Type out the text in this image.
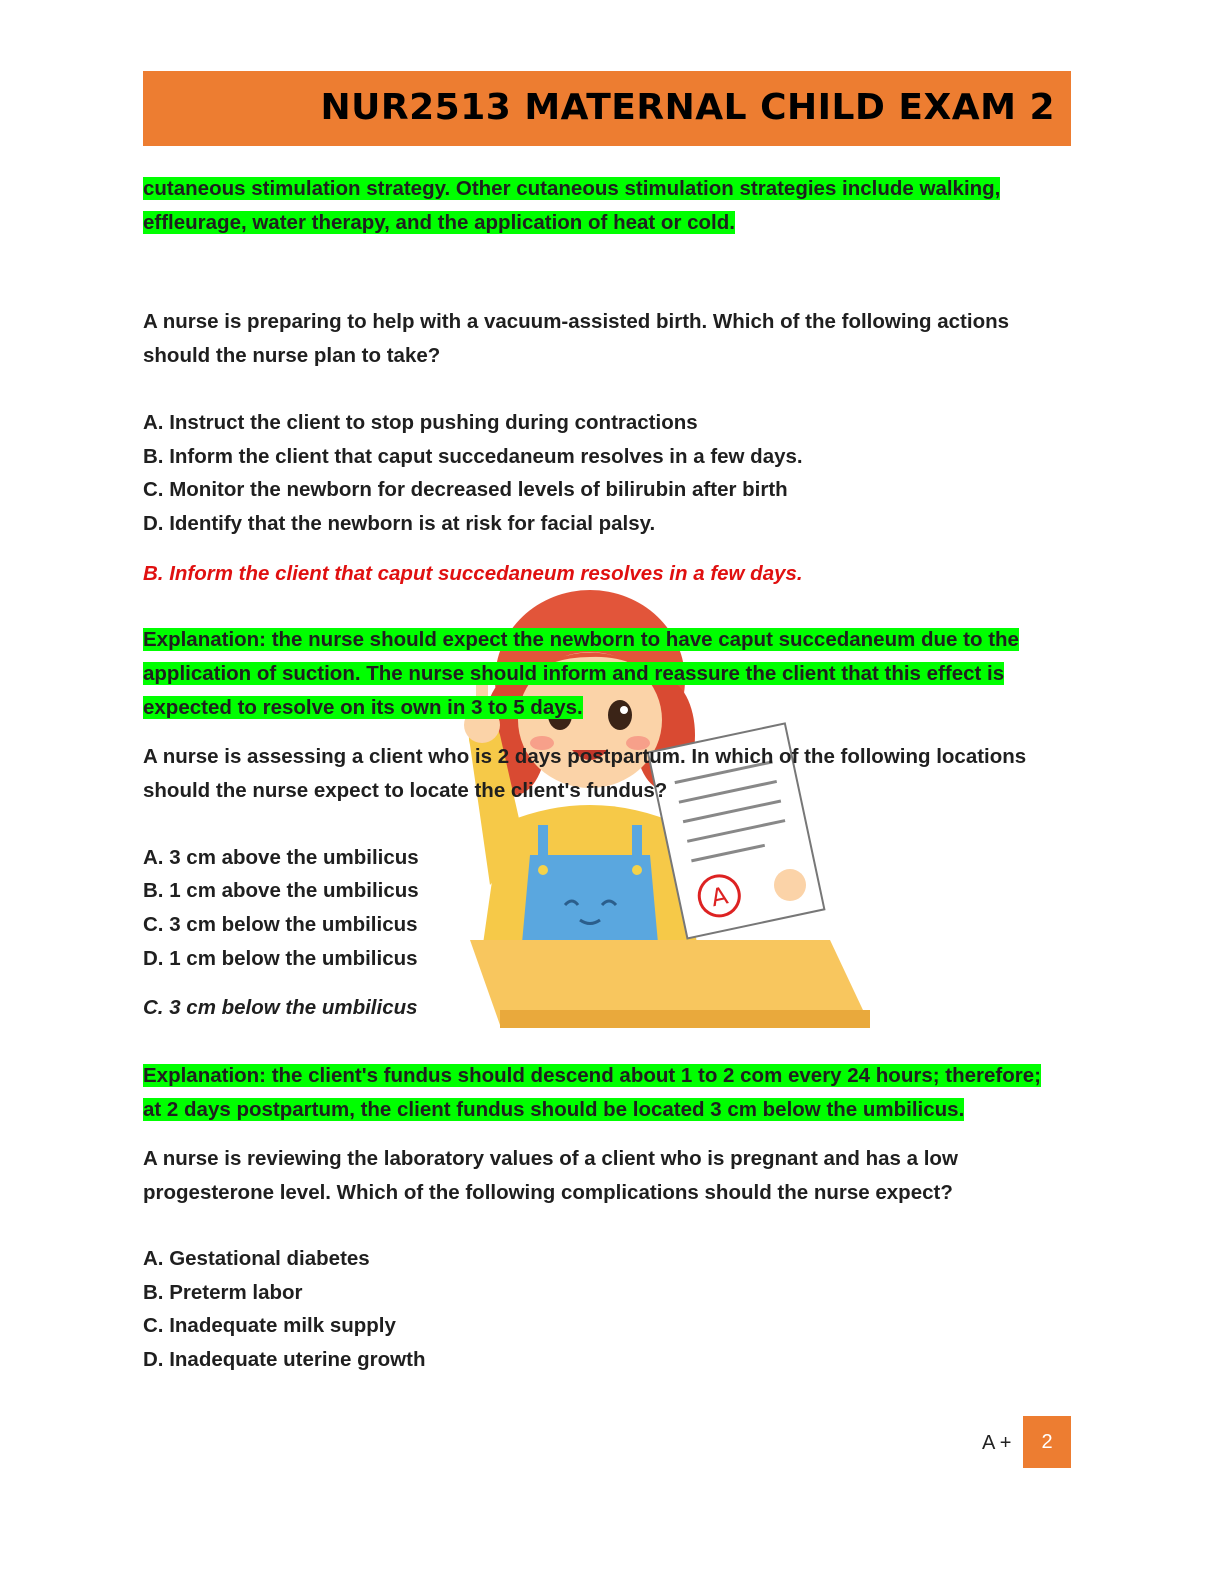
NUR2513 MATERNAL CHILD EXAM 2

cutaneous stimulation strategy. Other cutaneous stimulation strategies include walking,

effleurage, water therapy, and the application of heat or cold.

A nurse is preparing to help with a vacuum-assisted birth. Which of the following actions

should the nurse plan to take?

A. Instruct the client to stop pushing during contractions

B. Inform the client that caput succedaneum resolves in a few days.

C. Monitor the newborn for decreased levels of bilirubin after birth

D. Identify that the newborn is at risk for facial palsy.

B. Inform the client that caput succedaneum resolves in a few days.

A

Explanation: the nurse should expect the newborn to have caput succedaneum due to the

application of suction. The nurse should inform and reassure the client that this effect is

expected to resolve on its own in 3 to 5 days.

A nurse is assessing a client who is 2 days postpartum. In which of the following locations

should the nurse expect to locate the client's fundus?

A. 3 cm above the umbilicus

B. 1 cm above the umbilicus

C. 3 cm below the umbilicus

D. 1 cm below the umbilicus

C. 3 cm below the umbilicus

Explanation: the client's fundus should descend about 1 to 2 com every 24 hours; therefore;

at 2 days postpartum, the client fundus should be located 3 cm below the umbilicus.

A nurse is reviewing the laboratory values of a client who is pregnant and has a low

progesterone level. Which of the following complications should the nurse expect?

A. Gestational diabetes

B. Preterm labor

C. Inadequate milk supply

D. Inadequate uterine growth

A +	2
